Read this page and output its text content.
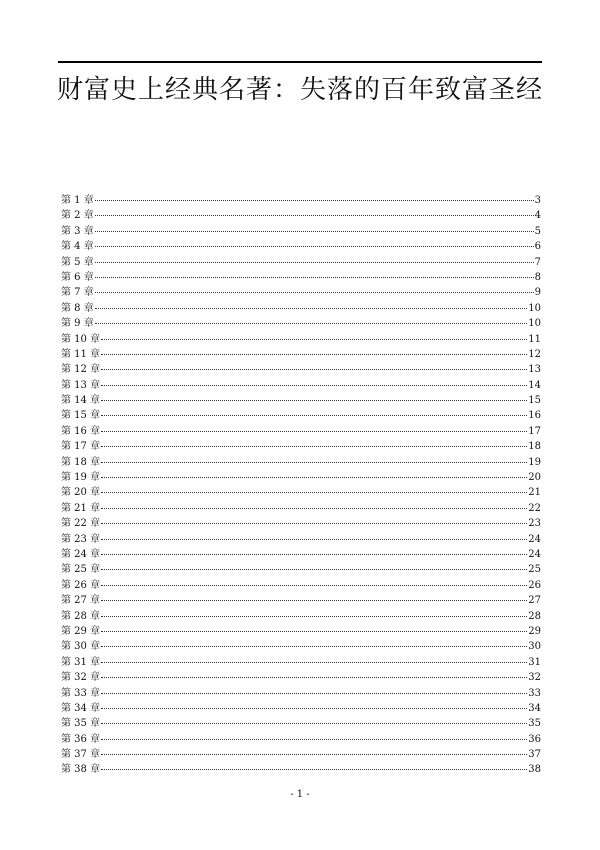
财富史上经典名著：失落的百年致富圣经
第 1 章	3
第 2 章	4
第 3 章	5
第 4 章	6
第 5 章	7
第 6 章	8
第 7 章	9
第 8 章	10
第 9 章	10
第 10 章	11
第 11 章	12
第 12 章	13
第 13 章	14
第 14 章	15
第 15 章	16
第 16 章	17
第 17 章	18
第 18 章	19
第 19 章	20
第 20 章	21
第 21 章	22
第 22 章	23
第 23 章	24
第 24 章	24
第 25 章	25
第 26 章	26
第 27 章	27
第 28 章	28
第 29 章	29
第 30 章	30
第 31 章	31
第 32 章	32
第 33 章	33
第 34 章	34
第 35 章	35
第 36 章	36
第 37 章	37
第 38 章	38
- 1 -
